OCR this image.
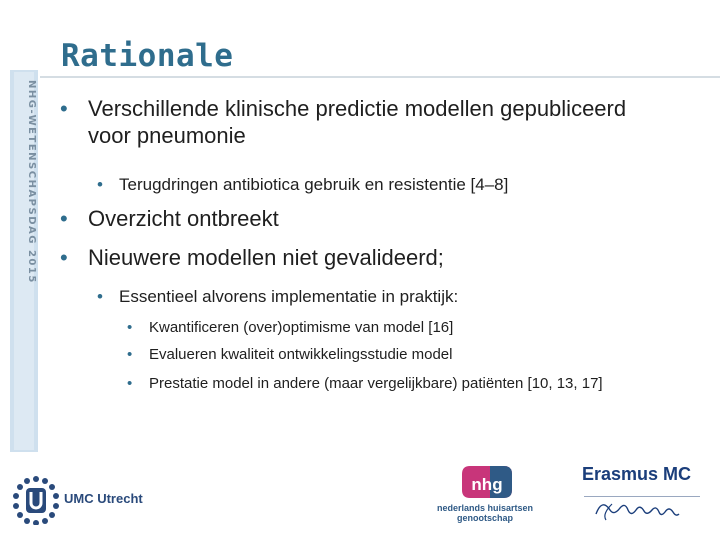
NHG-WETENSCHAPSDAG 2015
Rationale
• Verschillende klinische predictie modellen gepubliceerd voor pneumonie
• Terugdringen antibiotica gebruik en resistentie [4–8]
• Overzicht ontbreekt
• Nieuwere modellen niet gevalideerd;
• Essentieel alvorens implementatie in praktijk:
• Kwantificeren (over)optimisme van model [16]
• Evalueren kwaliteit ontwikkelingsstudie model
• Prestatie model in andere (maar vergelijkbare) patiënten [10, 13, 17]
UMC Utrecht
nhg
nederlands huisartsen
genootschap
Erasmus MC
